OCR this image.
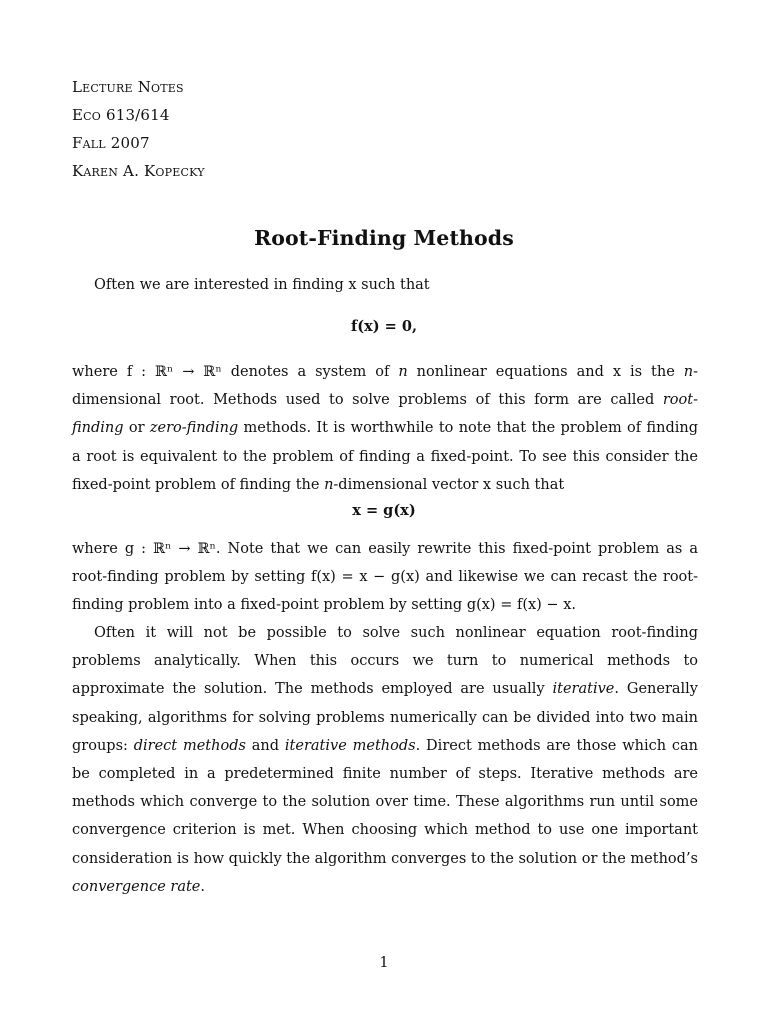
Lecture Notes
Eco 613/614
Fall 2007
Karen A. Kopecky
Root-Finding Methods
Often we are interested in finding x such that
f(x) = 0,
where f : ℝⁿ → ℝⁿ denotes a system of n nonlinear equations and x is the n-dimensional root. Methods used to solve problems of this form are called root-finding or zero-finding methods. It is worthwhile to note that the problem of finding a root is equivalent to the problem of finding a fixed-point. To see this consider the fixed-point problem of finding the n-dimensional vector x such that
x = g(x)
where g : ℝⁿ → ℝⁿ. Note that we can easily rewrite this fixed-point problem as a root-finding problem by setting f(x) = x − g(x) and likewise we can recast the root-finding problem into a fixed-point problem by setting g(x) = f(x) − x.
Often it will not be possible to solve such nonlinear equation root-finding problems analytically. When this occurs we turn to numerical methods to approximate the solution. The methods employed are usually iterative. Generally speaking, algorithms for solving problems numerically can be divided into two main groups: direct methods and iterative methods. Direct methods are those which can be completed in a predetermined finite number of steps. Iterative methods are methods which converge to the solution over time. These algorithms run until some convergence criterion is met. When choosing which method to use one important consideration is how quickly the algorithm converges to the solution or the method’s convergence rate.
1
